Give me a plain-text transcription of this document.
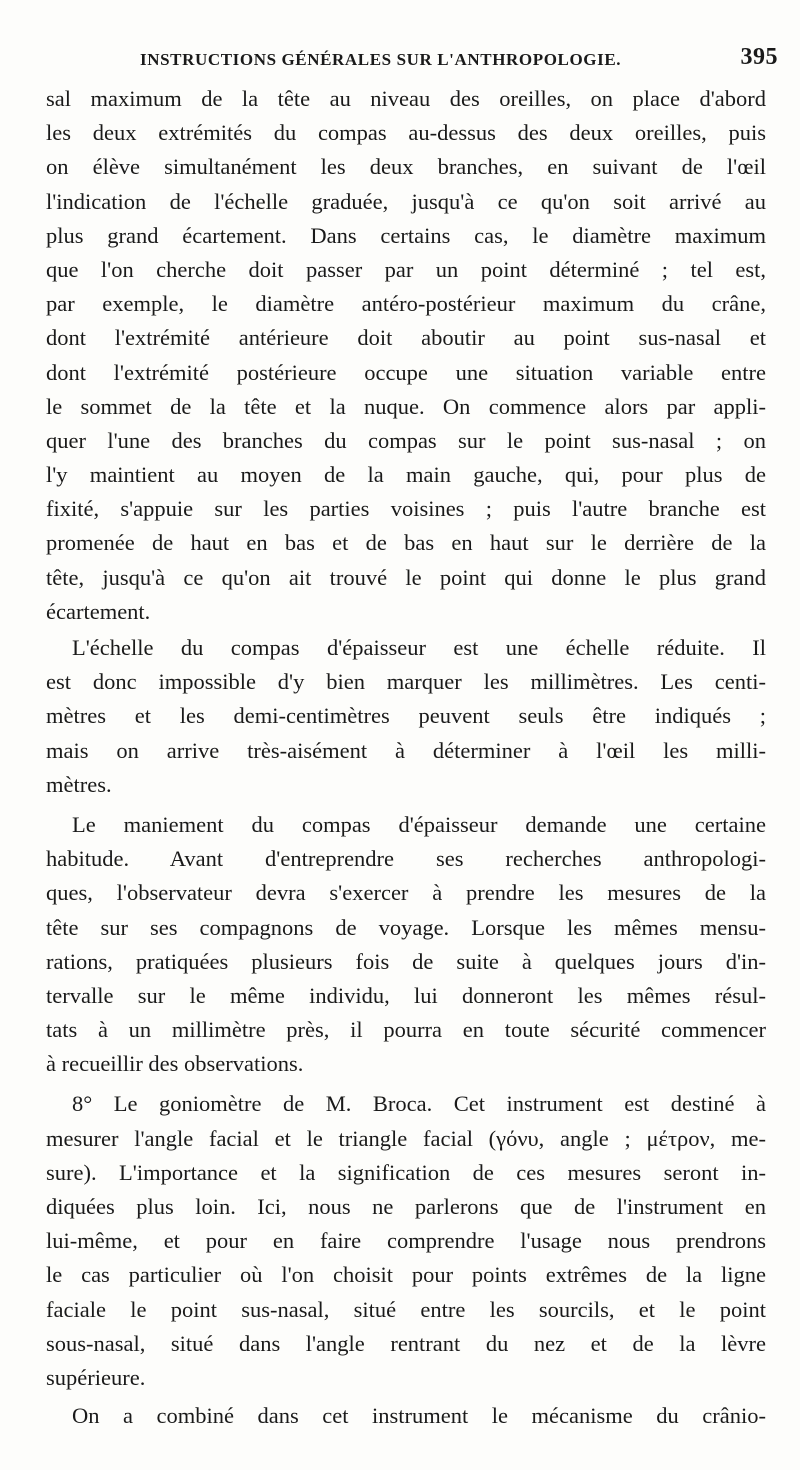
INSTRUCTIONS GÉNÉRALES SUR L'ANTHROPOLOGIE.	395
sal maximum de la tête au niveau des oreilles, on place d'abord
les deux extrémités du compas au-dessus des deux oreilles, puis
on élève simultanément les deux branches, en suivant de l'œil
l'indication de l'échelle graduée, jusqu'à ce qu'on soit arrivé au
plus grand écartement. Dans certains cas, le diamètre maximum
que l'on cherche doit passer par un point déterminé ; tel est,
par exemple, le diamètre antéro-postérieur maximum du crâne,
dont l'extrémité antérieure doit aboutir au point sus-nasal et
dont l'extrémité postérieure occupe une situation variable entre
le sommet de la tête et la nuque. On commence alors par appli-
quer l'une des branches du compas sur le point sus-nasal ; on
l'y maintient au moyen de la main gauche, qui, pour plus de
fixité, s'appuie sur les parties voisines ; puis l'autre branche est
promenée de haut en bas et de bas en haut sur le derrière de la
tête, jusqu'à ce qu'on ait trouvé le point qui donne le plus grand
écartement.
L'échelle du compas d'épaisseur est une échelle réduite. Il
est donc impossible d'y bien marquer les millimètres. Les centi-
mètres et les demi-centimètres peuvent seuls être indiqués ;
mais on arrive très-aisément à déterminer à l'œil les milli-
mètres.
Le maniement du compas d'épaisseur demande une certaine
habitude. Avant d'entreprendre ses recherches anthropologi-
ques, l'observateur devra s'exercer à prendre les mesures de la
tête sur ses compagnons de voyage. Lorsque les mêmes mensu-
rations, pratiquées plusieurs fois de suite à quelques jours d'in-
tervalle sur le même individu, lui donneront les mêmes résul-
tats à un millimètre près, il pourra en toute sécurité commencer
à recueillir des observations.
8° Le goniomètre de M. Broca. Cet instrument est destiné à
mesurer l'angle facial et le triangle facial (γόνυ, angle ; μέτρον, me-
sure). L'importance et la signification de ces mesures seront in-
diquées plus loin. Ici, nous ne parlerons que de l'instrument en
lui-même, et pour en faire comprendre l'usage nous prendrons
le cas particulier où l'on choisit pour points extrêmes de la ligne
faciale le point sus-nasal, situé entre les sourcils, et le point
sous-nasal, situé dans l'angle rentrant du nez et de la lèvre
supérieure.
On a combiné dans cet instrument le mécanisme du crânio-
